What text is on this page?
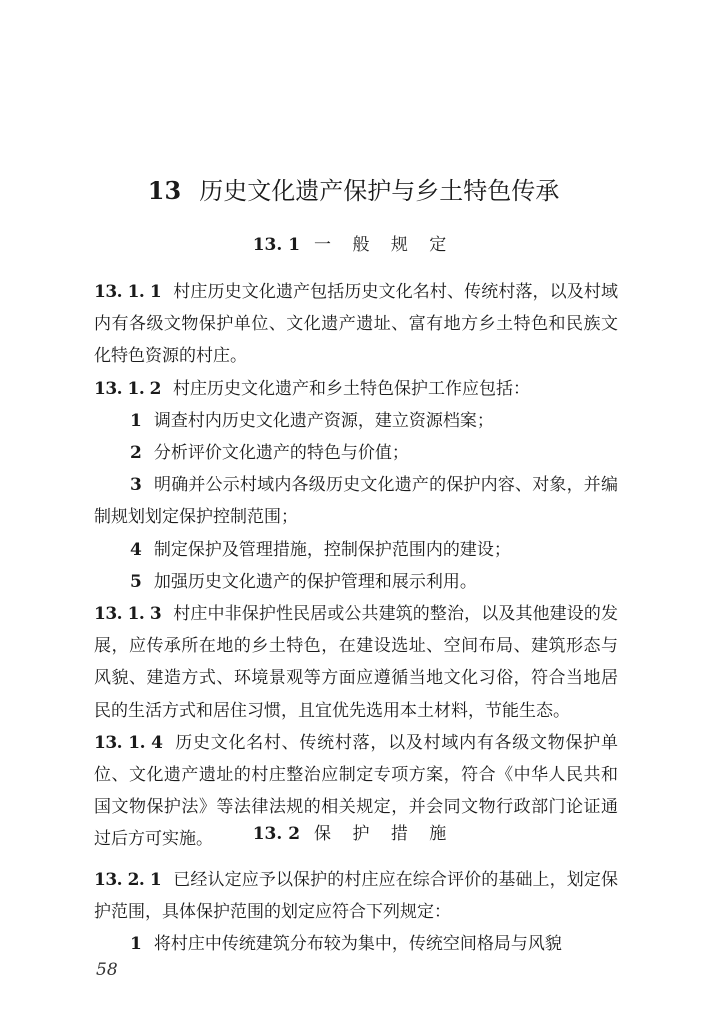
13 历史文化遗产保护与乡土特色传承
13. 1 一 般 规 定

13. 1. 1 村庄历史文化遗产包括历史文化名村、传统村落，以及村域内有各级文物保护单位、文化遗产遗址、富有地方乡土特色和民族文化特色资源的村庄。

13. 1. 2 村庄历史文化遗产和乡土特色保护工作应包括：

1 调查村内历史文化遗产资源，建立资源档案；

2 分析评价文化遗产的特色与价值；

3 明确并公示村域内各级历史文化遗产的保护内容、对象，并编制规划划定保护控制范围；

4 制定保护及管理措施，控制保护范围内的建设；

5 加强历史文化遗产的保护管理和展示利用。

13. 1. 3 村庄中非保护性民居或公共建筑的整治，以及其他建设的发展，应传承所在地的乡土特色，在建设选址、空间布局、建筑形态与风貌、建造方式、环境景观等方面应遵循当地文化习俗，符合当地居民的生活方式和居住习惯，且宜优先选用本土材料，节能生态。

13. 1. 4 历史文化名村、传统村落，以及村域内有各级文物保护单位、文化遗产遗址的村庄整治应制定专项方案，符合《中华人民共和国文物保护法》等法律法规的相关规定，并会同文物行政部门论证通过后方可实施。	13. 2 保 护 措 施

13. 2. 1 已经认定应予以保护的村庄应在综合评价的基础上，划定保护范围，具体保护范围的划定应符合下列规定：

1 将村庄中传统建筑分布较为集中，传统空间格局与风貌

58
